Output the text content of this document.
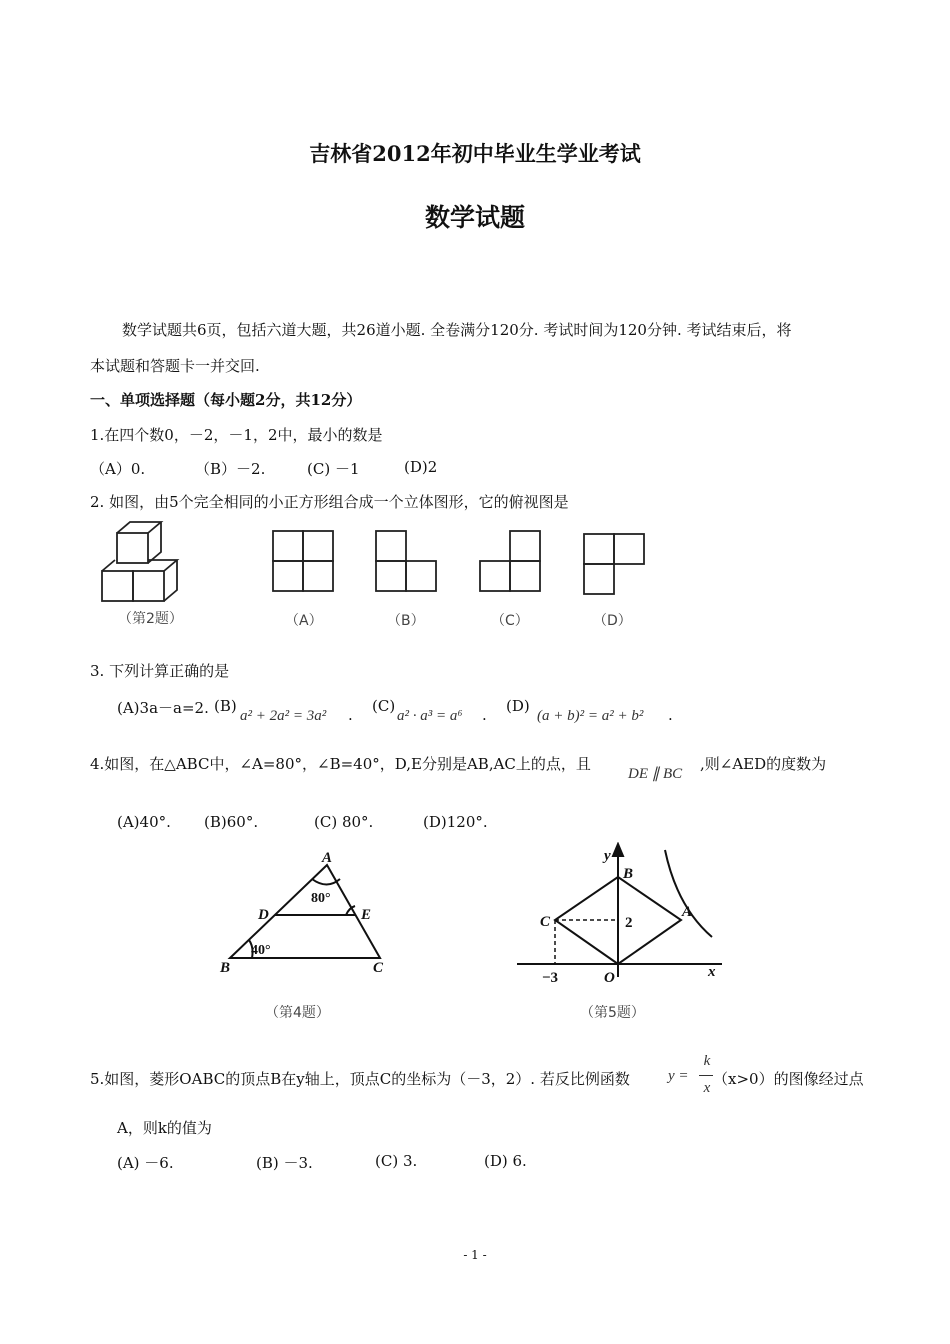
吉林省2012年初中毕业生学业考试
数学试题
数学试题共6页，包括六道大题，共26道小题. 全卷满分120分. 考试时间为120分钟. 考试结束后，将
本试题和答题卡一并交回.
一、单项选择题（每小题2分，共12分）
1.在四个数0，－2，－1，2中，最小的数是
（A）0.	（B）－2.	(C) －1	(D)2
2. 如图，由5个完全相同的小正方形组合成一个立体图形，它的俯视图是
（第2题）	（A）	（B）	（C）	（D）
3. 下列计算正确的是
(A)3a－a=2. (B)
a² + 2a² = 3a² . (C)
a² · a³ = a⁶ . (D)
(a + b)² = a² + b² .
4.如图，在△ABC中，∠A=80°，∠B=40°，D,E分别是AB,AC上的点，且
DE ∥ BC
,则∠AED的度数为
(A)40°. (B)60°.	(C) 80°.	(D)120°.
A
B	C
D	E
80°
40°
（第4题）
y
B
C	2
A
−3	O	x
（第5题）
5.如图，菱形OABC的顶点B在y轴上，顶点C的坐标为（－3，2）. 若反比例函数	y =
k
x （x>0）的图像经过点
A，则k的值为
(A) －6.	(B) －3.	(C) 3.	(D) 6.
- 1 -
